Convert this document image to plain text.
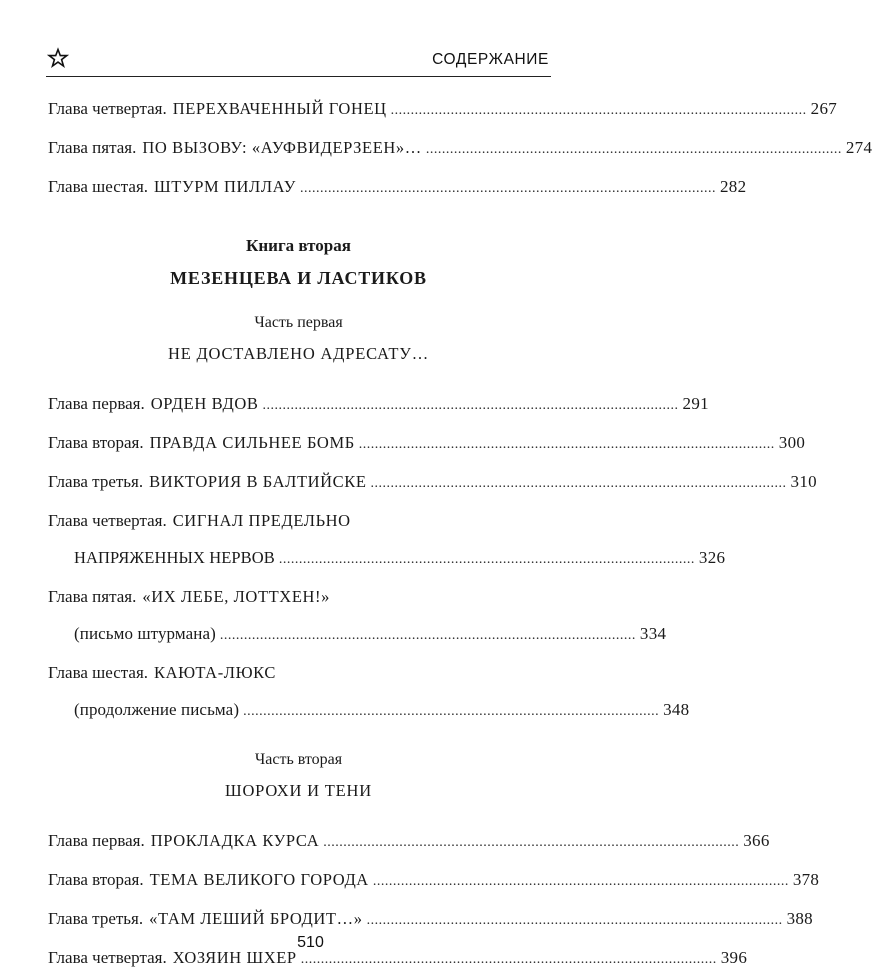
СОДЕРЖАНИЕ
Глава четвертая. ПЕРЕХВАЧЕННЫЙ ГОНЕЦ ........................................................................................................ 267
Глава пятая. ПО ВЫЗОВУ: «АУФВИДЕРЗЕЕН»… ........................................................................................................ 274
Глава шестая. ШТУРМ ПИЛЛАУ ........................................................................................................ 282
Книга вторая
МЕЗЕНЦЕВА И ЛАСТИКОВ
Часть первая
НЕ ДОСТАВЛЕНО АДРЕСАТУ…
Глава первая. ОРДЕН ВДОВ ........................................................................................................ 291
Глава вторая. ПРАВДА СИЛЬНЕЕ БОМБ ........................................................................................................ 300
Глава третья. ВИКТОРИЯ В БАЛТИЙСКЕ ........................................................................................................ 310
Глава четвертая. СИГНАЛ ПРЕДЕЛЬНО
НАПРЯЖЕННЫХ НЕРВОВ ........................................................................................................ 326
Глава пятая. «ИХ ЛЕБЕ, ЛОТТХЕН!»
(письмо штурмана) ........................................................................................................ 334
Глава шестая. КАЮТА-ЛЮКС
(продолжение письма) ........................................................................................................ 348
Часть вторая
ШОРОХИ И ТЕНИ
Глава первая. ПРОКЛАДКА КУРСА ........................................................................................................ 366
Глава вторая. ТЕМА ВЕЛИКОГО ГОРОДА ........................................................................................................ 378
Глава третья. «ТАМ ЛЕШИЙ БРОДИТ…» ........................................................................................................ 388
Глава четвертая. ХОЗЯИН ШХЕР ........................................................................................................ 396
510
